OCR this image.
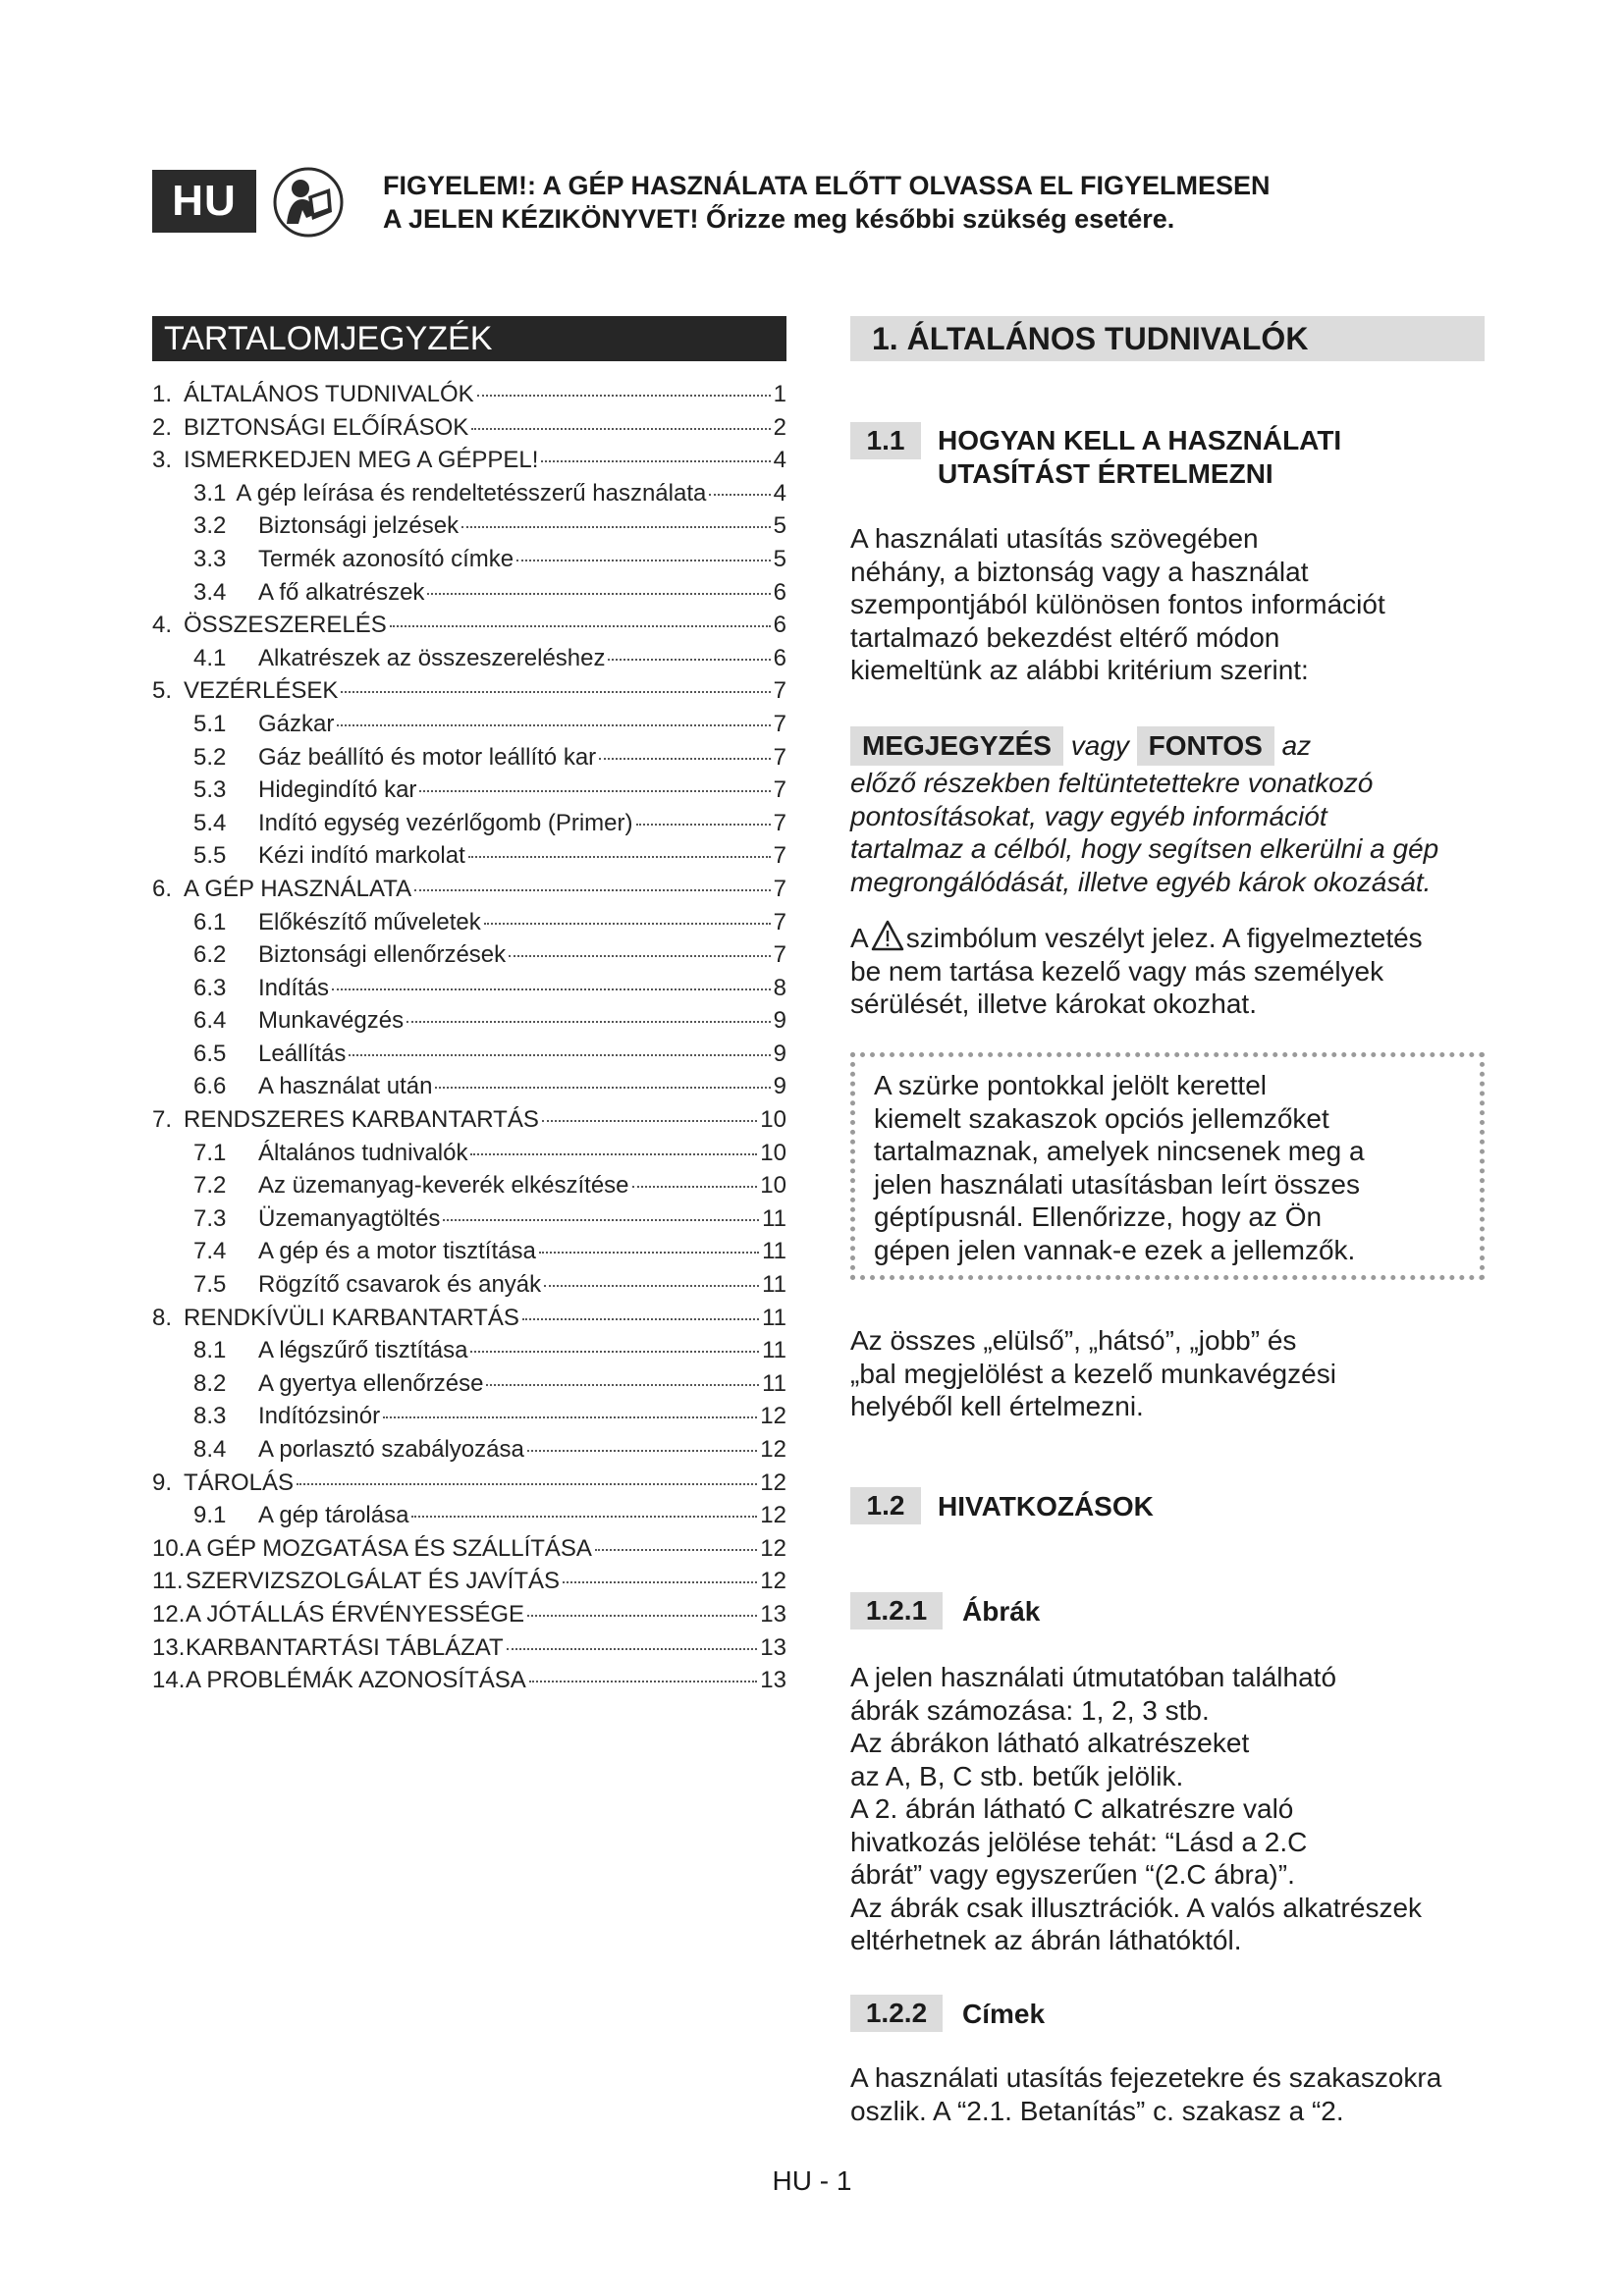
HU	FIGYELEM!: A GÉP HASZNÁLATA ELŐTT OLVASSA EL FIGYELMESEN
A JELEN KÉZIKÖNYVET! Őrizze meg későbbi szükség esetére.
TARTALOMJEGYZÉK
1. ÁLTALÁNOS TUDNIVALÓK	1
2. BIZTONSÁGI ELŐÍRÁSOK	2
3. ISMERKEDJEN MEG A GÉPPEL!	4
3.1 A gép leírása és rendeltetésszerű használata	4
3.2	Biztonsági jelzések	5
3.3	Termék azonosító címke	5
3.4	A fő alkatrészek	6
4. ÖSSZESZERELÉS	6
4.1	Alkatrészek az összeszereléshez	6
5. VEZÉRLÉSEK	7
5.1	Gázkar	7
5.2	Gáz beállító és motor leállító kar	7
5.3	Hidegindító kar	7
5.4	Indító egység vezérlőgomb (Primer)	7
5.5	Kézi indító markolat	7
6. A GÉP HASZNÁLATA	7
6.1	Előkészítő műveletek	7
6.2	Biztonsági ellenőrzések	7
6.3	Indítás	8
6.4	Munkavégzés	9
6.5	Leállítás	9
6.6	A használat után	9
7. RENDSZERES KARBANTARTÁS	10
7.1	Általános tudnivalók	10
7.2	Az üzemanyag-keverék elkészítése	10
7.3	Üzemanyagtöltés	11
7.4	A gép és a motor tisztítása	11
7.5	Rögzítő csavarok és anyák	11
8. RENDKÍVÜLI KARBANTARTÁS	11
8.1	A légszűrő tisztítása	11
8.2	A gyertya ellenőrzése	11
8.3	Indítózsinór	12
8.4	A porlasztó szabályozása	12
9. TÁROLÁS	12
9.1	A gép tárolása	12
10. A GÉP MOZGATÁSA ÉS SZÁLLÍTÁSA	12
11. SZERVIZSZOLGÁLAT ÉS JAVÍTÁS	12
12. A JÓTÁLLÁS ÉRVÉNYESSÉGE	13
13. KARBANTARTÁSI TÁBLÁZAT	13
14. A PROBLÉMÁK AZONOSÍTÁSA	13
1. ÁLTALÁNOS TUDNIVALÓK
1.1	HOGYAN KELL A HASZNÁLATI
UTASÍTÁST ÉRTELMEZNI

A használati utasítás szövegében

néhány, a biztonság vagy a használat

szempontjából különösen fontos információt

tartalmazó bekezdést eltérő módon

kiemeltünk az alábbi kritérium szerint:

MEGJEGYZÉS vagy FONTOS az

előző részekben feltüntetettekre vonatkozó

pontosításokat, vagy egyéb információt

tartalmaz a célból, hogy segítsen elkerülni a gép

megrongálódását, illetve egyéb károk okozását.

A szimbólum veszélyt jelez. A figyelmeztetés

be nem tartása kezelő vagy más személyek

sérülését, illetve károkat okozhat.

A szürke pontokkal jelölt kerettel

kiemelt szakaszok opciós jellemzőket

tartalmaznak, amelyek nincsenek meg a

jelen használati utasításban leírt összes

géptípusnál. Ellenőrizze, hogy az Ön

gépen jelen vannak-e ezek a jellemzők.

Az összes „elülső”, „hátsó”, „jobb” és

„bal megjelölést a kezelő munkavégzési

helyéből kell értelmezni.

1.2	HIVATKOZÁSOK
1.2.1	Ábrák

A jelen használati útmutatóban található

ábrák számozása: 1, 2, 3 stb.

Az ábrákon látható alkatrészeket

az A, B, C stb. betűk jelölik.

A 2. ábrán látható C alkatrészre való

hivatkozás jelölése tehát: “Lásd a 2.C

ábrát” vagy egyszerűen “(2.C ábra)”.

Az ábrák csak illusztrációk. A valós alkatrészek

eltérhetnek az ábrán láthatóktól.

1.2.2	Címek

A használati utasítás fejezetekre és szakaszokra

oszlik. A “2.1. Betanítás” c. szakasz a “2.

HU - 1
